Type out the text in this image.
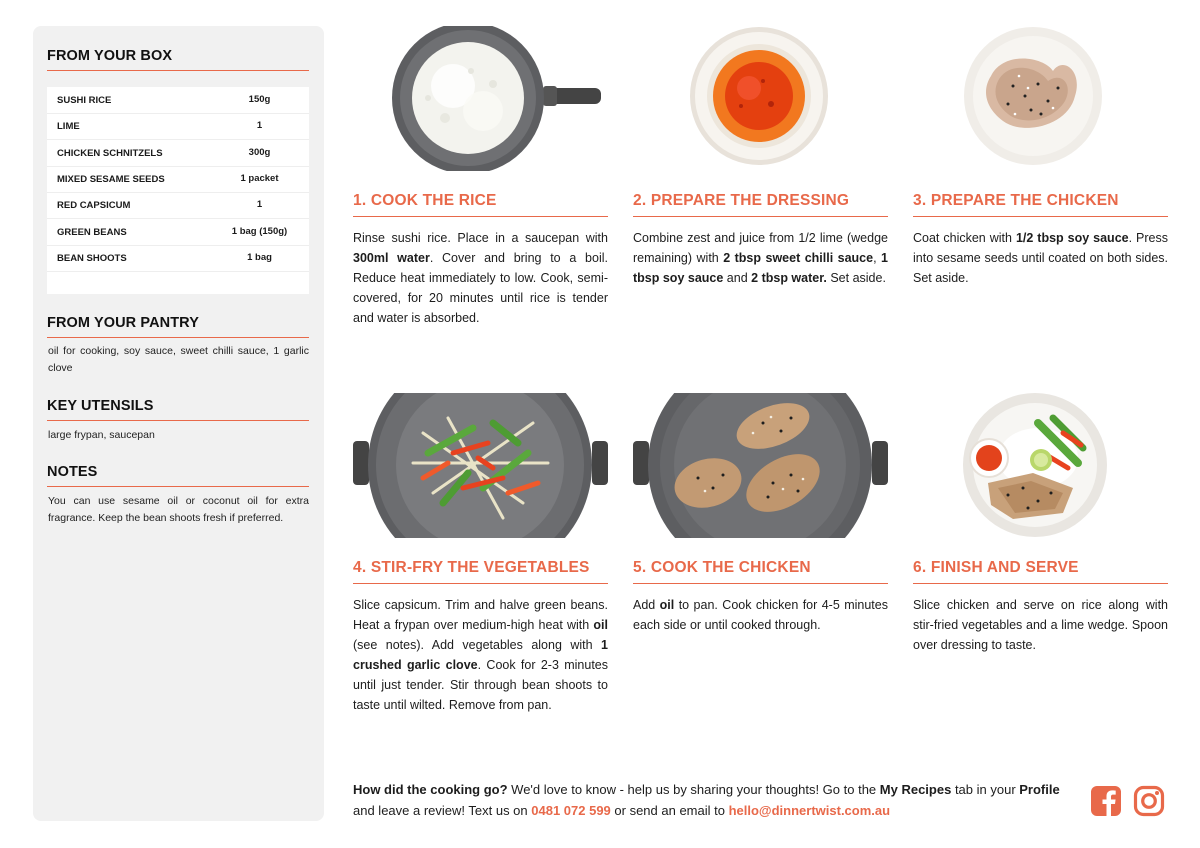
FROM YOUR BOX
SUSHI RICE	150g
LIME	1
CHICKEN SCHNITZELS	300g
MIXED SESAME SEEDS	1 packet
RED CAPSICUM	1
GREEN BEANS	1 bag (150g)
BEAN SHOOTS	1 bag
FROM YOUR PANTRY
oil for cooking, soy sauce, sweet chilli sauce, 1 garlic clove
KEY UTENSILS
large frypan, saucepan
NOTES
You can use sesame oil or coconut oil for extra fragrance. Keep the bean shoots fresh if preferred.
1. COOK THE RICE
Rinse sushi rice. Place in a saucepan with 300ml water. Cover and bring to a boil. Reduce heat immediately to low. Cook, semi-covered, for 20 minutes until rice is tender and water is absorbed.
2. PREPARE THE DRESSING
Combine zest and juice from 1/2 lime (wedge remaining) with 2 tbsp sweet chilli sauce, 1 tbsp soy sauce and 2 tbsp water. Set aside.
3. PREPARE THE CHICKEN
Coat chicken with 1/2 tbsp soy sauce. Press into sesame seeds until coated on both sides. Set aside.
4. STIR-FRY THE VEGETABLES
Slice capsicum. Trim and halve green beans. Heat a frypan over medium-high heat with oil (see notes). Add vegetables along with 1 crushed garlic clove. Cook for 2-3 minutes until just tender. Stir through bean shoots to taste until wilted. Remove from pan.
5. COOK THE CHICKEN
Add oil to pan. Cook chicken for 4-5 minutes each side or until cooked through.
6. FINISH AND SERVE
Slice chicken and serve on rice along with stir-fried vegetables and a lime wedge. Spoon over dressing to taste.
How did the cooking go? We'd love to know - help us by sharing your thoughts! Go to the My Recipes tab in your Profile and leave a review! Text us on 0481 072 599 or send an email to hello@dinnertwist.com.au
